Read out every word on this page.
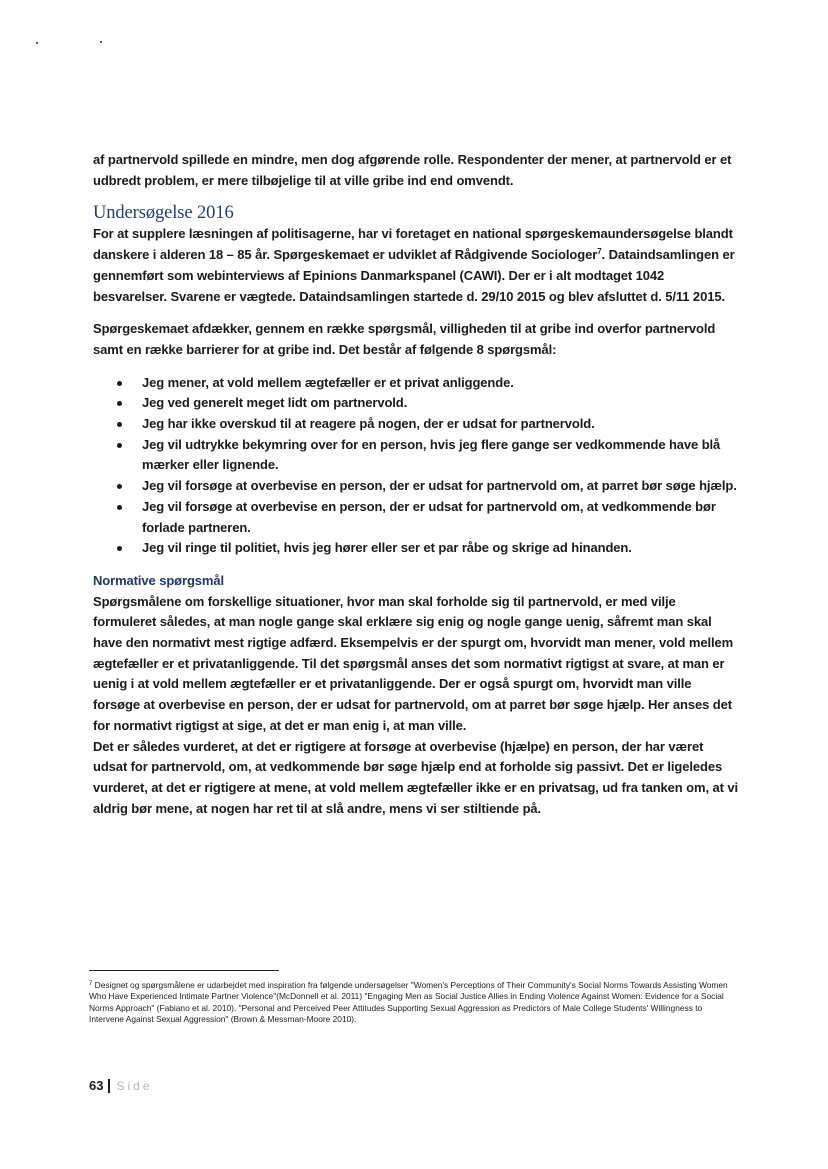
af partnervold spillede en mindre, men dog afgørende rolle. Respondenter der mener, at partnervold er et udbredt problem, er mere tilbøjelige til at ville gribe ind end omvendt.

Undersøgelse 2016

For at supplere læsningen af politisagerne, har vi foretaget en national spørgeskemaundersøgelse blandt danskere i alderen 18 – 85 år. Spørgeskemaet er udviklet af Rådgivende Sociologer$^7$. Dataindsamlingen er gennemført som webinterviews af Epinions Danmarkspanel (CAWI). Der er i alt modtaget 1042 besvarelser. Svarene er vægtede. Dataindsamlingen startede d. 29/10 2015 og blev afsluttet d. 5/11 2015.

Spørgeskemaet afdækker, gennem en række spørgsmål, villigheden til at gribe ind overfor partnervold samt en række barrierer for at gribe ind. Det består af følgende 8 spørgsmål:

Jeg mener, at vold mellem ægtefæller er et privat anliggende.
Jeg ved generelt meget lidt om partnervold.
Jeg har ikke overskud til at reagere på nogen, der er udsat for partnervold.
Jeg vil udtrykke bekymring over for en person, hvis jeg flere gange ser vedkommende have blå mærker eller lignende.
Jeg vil forsøge at overbevise en person, der er udsat for partnervold om, at parret bør søge hjælp.
Jeg vil forsøge at overbevise en person, der er udsat for partnervold om, at vedkommende bør forlade partneren.
Jeg vil ringe til politiet, hvis jeg hører eller ser et par råbe og skrige ad hinanden.

Normative spørgsmål

Spørgsmålene om forskellige situationer, hvor man skal forholde sig til partnervold, er med vilje formuleret således, at man nogle gange skal erklære sig enig og nogle gange uenig, såfremt man skal have den normativt mest rigtige adfærd. Eksempelvis er der spurgt om, hvorvidt man mener, vold mellem ægtefæller er et privatanliggende. Til det spørgsmål anses det som normativt rigtigst at svare, at man er uenig i at vold mellem ægtefæller er et privatanliggende. Der er også spurgt om, hvorvidt man ville forsøge at overbevise en person, der er udsat for partnervold, om at parret bør søge hjælp. Her anses det for normativt rigtigst at sige, at det er man enig i, at man ville.

Det er således vurderet, at det er rigtigere at forsøge at overbevise (hjælpe) en person, der har været udsat for partnervold, om, at vedkommende bør søge hjælp end at forholde sig passivt. Det er ligeledes vurderet, at det er rigtigere at mene, at vold mellem ægtefæller ikke er en privatsag, ud fra tanken om, at vi aldrig bør mene, at nogen har ret til at slå andre, mens vi ser stiltiende på.

$^7$ Designet og spørgsmålene er udarbejdet med inspiration fra følgende undersøgelser "Women's Perceptions of Their Community's Social Norms Towards Assisting Women Who Have Experienced Intimate Partner Violence"(McDonnell et al. 2011) "Engaging Men as Social Justice Allies in Ending Violence Against Women: Evidence for a Social Norms Approach" (Fabiano et al. 2010). "Personal and Perceived Peer Attitudes Supporting Sexual Aggression as Predictors of Male College Students' Willingness to Intervene Against Sexual Aggression" (Brown & Messman-Moore 2010).
63 Side
